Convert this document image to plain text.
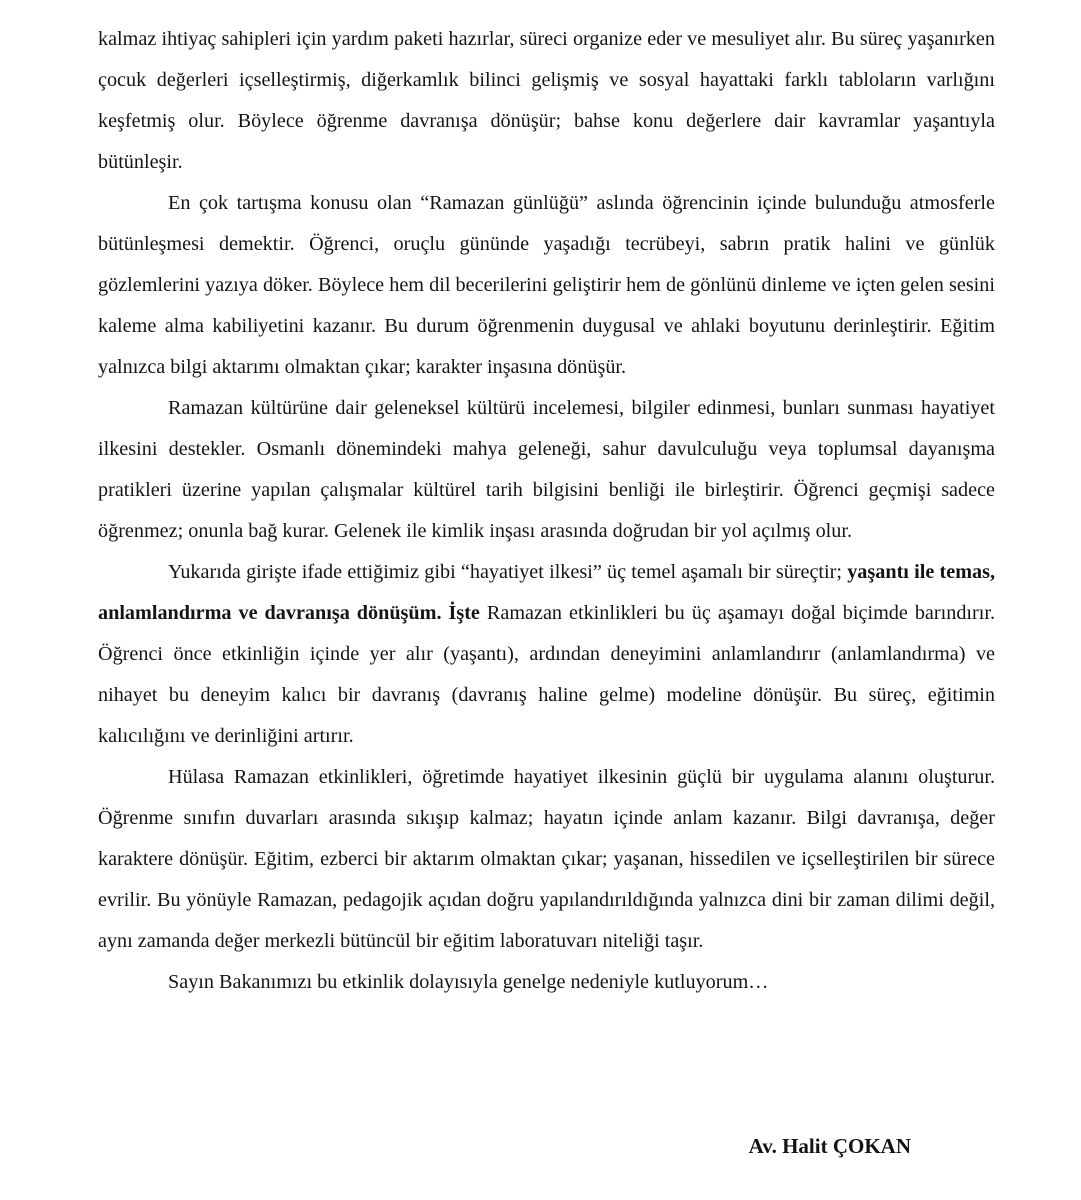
kalmaz ihtiyaç sahipleri için yardım paketi hazırlar, süreci organize eder ve mesuliyet alır. Bu süreç yaşanırken çocuk değerleri içselleştirmiş, diğerkamlık bilinci gelişmiş ve sosyal hayattaki farklı tabloların varlığını keşfetmiş olur. Böylece öğrenme davranışa dönüşür; bahse konu değerlere dair kavramlar yaşantıyla bütünleşir.

En çok tartışma konusu olan “Ramazan günlüğü” aslında öğrencinin içinde bulunduğu atmosferle bütünleşmesi demektir. Öğrenci, oruçlu gününde yaşadığı tecrübeyi, sabrın pratik halini ve günlük gözlemlerini yazıya döker. Böylece hem dil becerilerini geliştirir hem de gönlünü dinleme ve içten gelen sesini kaleme alma kabiliyetini kazanır. Bu durum öğrenmenin duygusal ve ahlaki boyutunu derinleştirir. Eğitim yalnızca bilgi aktarımı olmaktan çıkar; karakter inşasına dönüşür.

Ramazan kültürüne dair geleneksel kültürü incelemesi, bilgiler edinmesi, bunları sunması hayatiyet ilkesini destekler. Osmanlı dönemindeki mahya geleneği, sahur davulculuğu veya toplumsal dayanışma pratikleri üzerine yapılan çalışmalar kültürel tarih bilgisini benliği ile birleştirir. Öğrenci geçmişi sadece öğrenmez; onunla bağ kurar. Gelenek ile kimlik inşası arasında doğrudan bir yol açılmış olur.

Yukarıda girişte ifade ettiğimiz gibi “hayatiyet ilkesi” üç temel aşamalı bir süreçtir; yaşantı ile temas, anlamlandırma ve davranışa dönüşüm. İşte Ramazan etkinlikleri bu üç aşamayı doğal biçimde barındırır. Öğrenci önce etkinliğin içinde yer alır (yaşantı), ardından deneyimini anlamlandırır (anlamlandırma) ve nihayet bu deneyim kalıcı bir davranış (davranış haline gelme) modeline dönüşür. Bu süreç, eğitimin kalıcılığını ve derinliğini artırır.

Hülasa Ramazan etkinlikleri, öğretimde hayatiyet ilkesinin güçlü bir uygulama alanını oluşturur. Öğrenme sınıfın duvarları arasında sıkışıp kalmaz; hayatın içinde anlam kazanır. Bilgi davranışa, değer karaktere dönüşür. Eğitim, ezberci bir aktarım olmaktan çıkar; yaşanan, hissedilen ve içselleştirilen bir sürece evrilir. Bu yönüyle Ramazan, pedagojik açıdan doğru yapılandırıldığında yalnızca dini bir zaman dilimi değil, aynı zamanda değer merkezli bütüncül bir eğitim laboratuvarı niteliği taşır.

Sayın Bakanımızı bu etkinlik dolayısıyla genelge nedeniyle kutluyorum…

Av. Halit ÇOKAN
